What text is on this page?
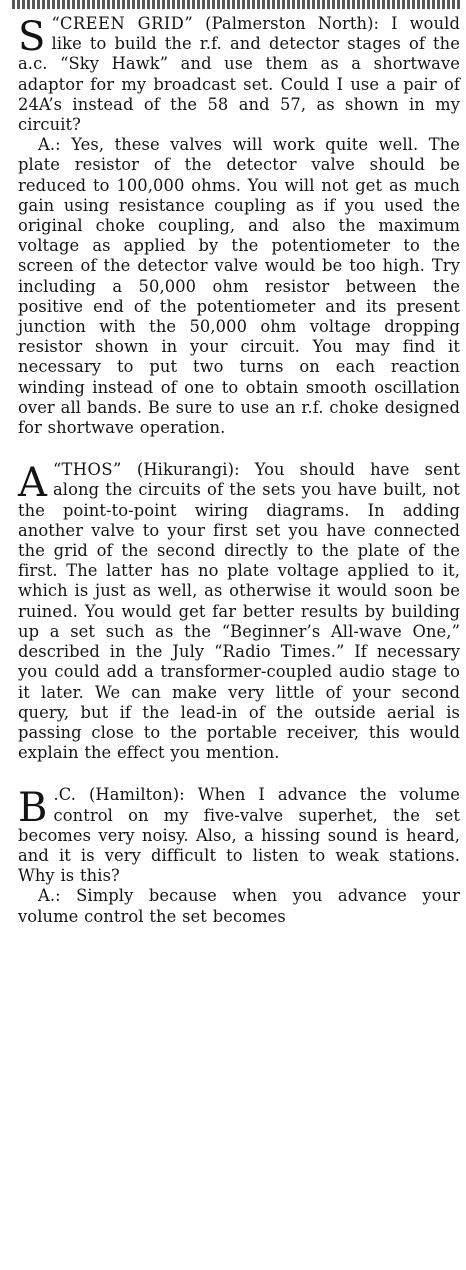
“
S CREEN GRID” (Palmerston North): I would like to build the r.f. and detector stages of the a.c. “Sky Hawk” and use them as a shortwave adaptor for my broadcast set. Could I use a pair of 24A’s instead of the 58 and 57, as shown in my circuit?

A.: Yes, these valves will work quite well. The plate resistor of the detector valve should be reduced to 100,000 ohms. You will not get as much gain using resistance coupling as if you used the original choke coupling, and also the maximum voltage as applied by the potentiometer to the screen of the detector valve would be too high. Try including a 50,000 ohm resistor between the positive end of the potentiometer and its present junction with the 50,000 ohm voltage dropping resistor shown in your circuit. You may find it necessary to put two turns on each reaction winding instead of one to obtain smooth oscillation over all bands. Be sure to use an r.f. choke designed for shortwave operation.

“
A THOS” (Hikurangi): You should have sent along the circuits of the sets you have built, not the point-to-point wiring diagrams. In adding another valve to your first set you have connected the grid of the second directly to the plate of the first. The latter has no plate voltage applied to it, which is just as well, as otherwise it would soon be ruined. You would get far better results by building up a set such as the “Beginner’s All-wave One,” described in the July “Radio Times.” If necessary you could add a transformer-coupled audio stage to it later. We can make very little of your second query, but if the lead-in of the outside aerial is passing close to the portable receiver, this would explain the effect you mention.

B .C. (Hamilton): When I advance the volume control on my five-valve superhet, the set becomes very noisy. Also, a hissing sound is heard, and it is very difficult to listen to weak stations. Why is this?

A.: Simply because when you advance your volume control the set becomes
